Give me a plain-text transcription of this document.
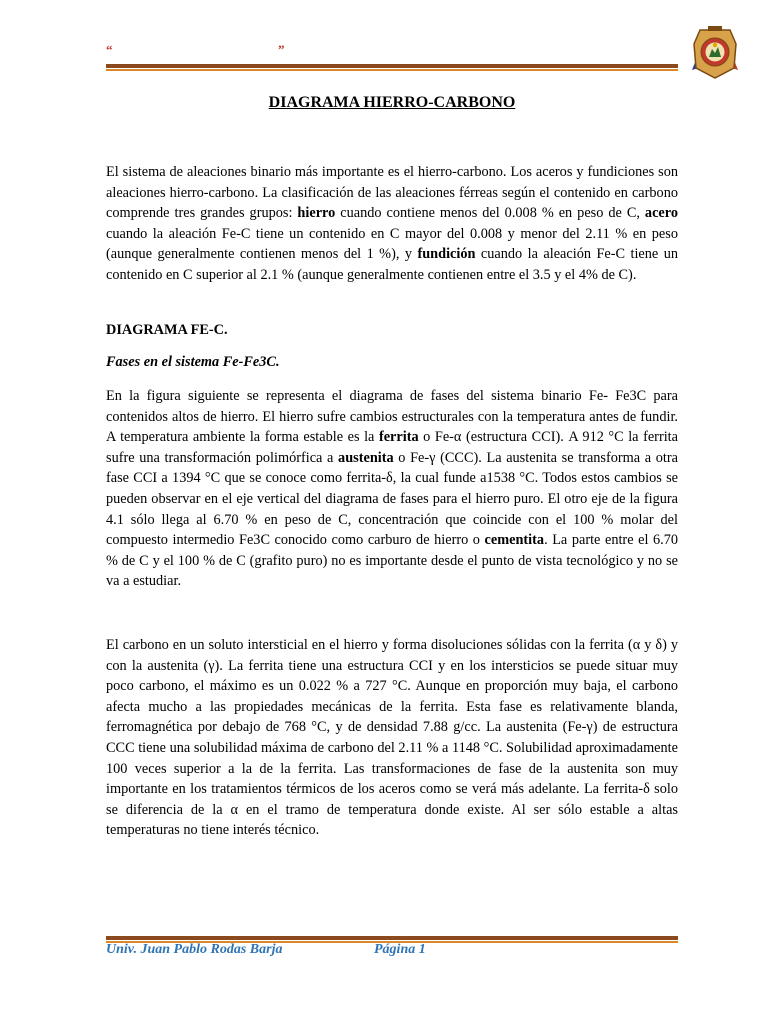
“	”
DIAGRAMA HIERRO-CARBONO

El sistema de aleaciones binario más importante es el hierro-carbono. Los aceros y fundiciones son aleaciones hierro-carbono. La clasificación de las aleaciones férreas según el contenido en carbono comprende tres grandes grupos: hierro cuando contiene menos del 0.008 % en peso de C, acero cuando la aleación Fe-C tiene un contenido en C mayor del 0.008 y menor del 2.11 % en peso (aunque generalmente contienen menos del 1 %), y fundición cuando la aleación Fe-C tiene un contenido en C superior al 2.1 % (aunque generalmente contienen entre el 3.5 y el 4% de C).

DIAGRAMA FE-C.
Fases en el sistema Fe-Fe3C.

En la figura siguiente se representa el diagrama de fases del sistema binario Fe- Fe3C para contenidos altos de hierro. El hierro sufre cambios estructurales con la temperatura antes de fundir. A temperatura ambiente la forma estable es la ferrita o Fe-α (estructura CCI). A 912 °C la ferrita sufre una transformación polimórfica a austenita o Fe-γ (CCC). La austenita se transforma a otra fase CCI a 1394 °C que se conoce como ferrita-δ, la cual funde a1538 °C. Todos estos cambios se pueden observar en el eje vertical del diagrama de fases para el hierro puro. El otro eje de la figura 4.1 sólo llega al 6.70 % en peso de C, concentración que coincide con el 100 % molar del compuesto intermedio Fe3C conocido como carburo de hierro o cementita. La parte entre el 6.70 % de C y el 100 % de C (grafito puro) no es importante desde el punto de vista tecnológico y no se va a estudiar.

El carbono en un soluto intersticial en el hierro y forma disoluciones sólidas con la ferrita (α y δ) y con la austenita (γ). La ferrita tiene una estructura CCI y en los intersticios se puede situar muy poco carbono, el máximo es un 0.022 % a 727 °C. Aunque en proporción muy baja, el carbono afecta mucho a las propiedades mecánicas de la ferrita. Esta fase es relativamente blanda, ferromagnética por debajo de 768 °C, y de densidad 7.88 g/cc. La austenita (Fe-γ) de estructura CCC tiene una solubilidad máxima de carbono del 2.11 % a 1148 °C. Solubilidad aproximadamente 100 veces superior a la de la ferrita. Las transformaciones de fase de la austenita son muy importante en los tratamientos térmicos de los aceros como se verá más adelante. La ferrita-δ solo se diferencia de la α en el tramo de temperatura donde existe. Al ser sólo estable a altas temperaturas no tiene interés técnico.

Univ. Juan Pablo Rodas Barja	Página 1
